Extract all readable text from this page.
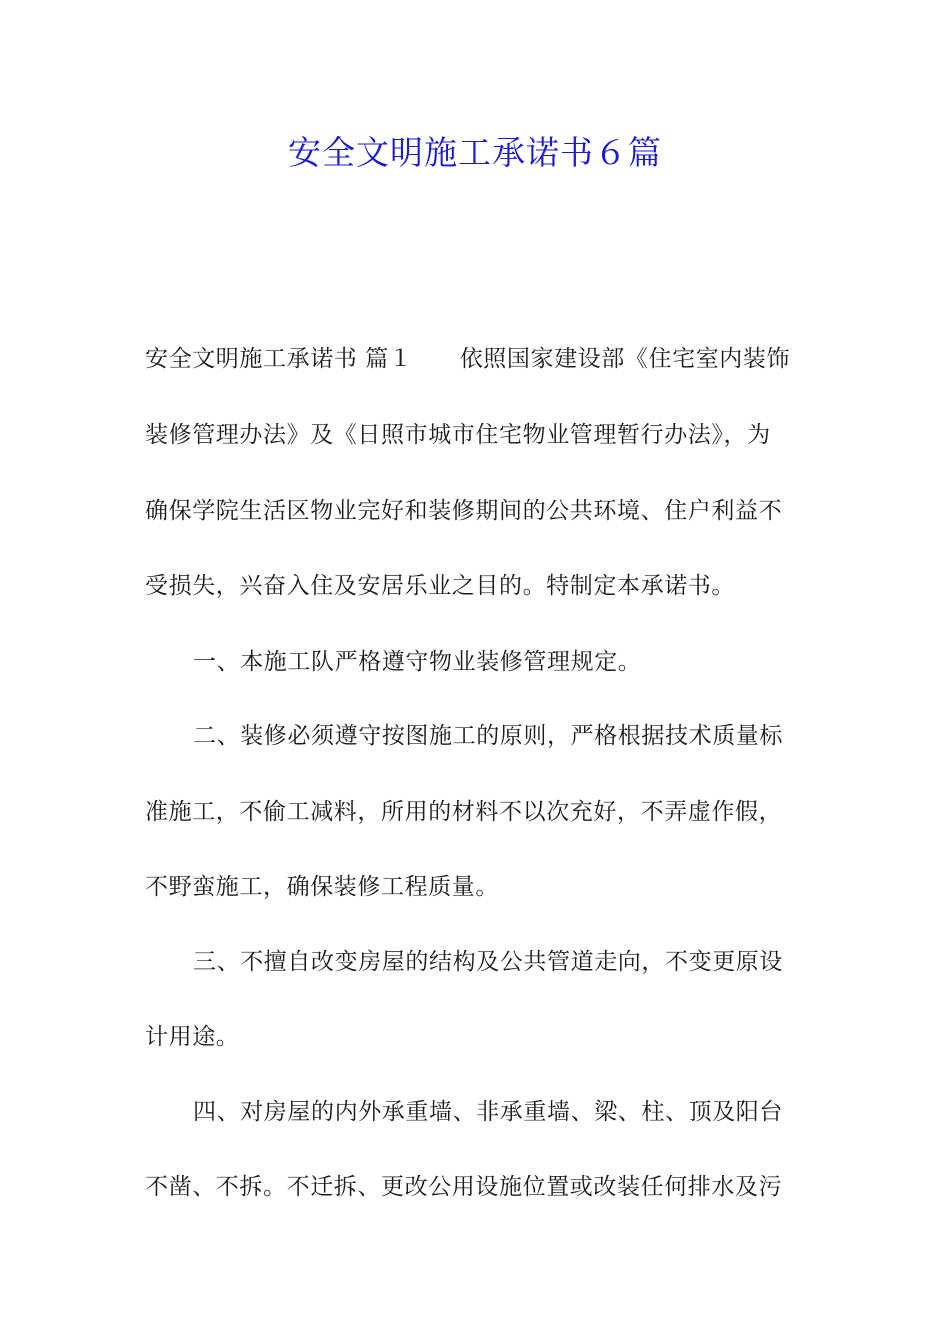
安全文明施工承诺书６篇
安全文明施工承诺书 篇１　　依照国家建设部《住宅室内装饰
装修管理办法》及《日照市城市住宅物业管理暂行办法》，为
确保学院生活区物业完好和装修期间的公共环境、住户利益不
受损失，兴奋入住及安居乐业之目的。特制定本承诺书。
一、本施工队严格遵守物业装修管理规定。
二、装修必须遵守按图施工的原则，严格根据技术质量标
准施工，不偷工减料，所用的材料不以次充好，不弄虚作假，
不野蛮施工，确保装修工程质量。
三、不擅自改变房屋的结构及公共管道走向，不变更原设
计用途。
四、对房屋的内外承重墙、非承重墙、梁、柱、顶及阳台
不凿、不拆。不迁拆、更改公用设施位置或改装任何排水及污
